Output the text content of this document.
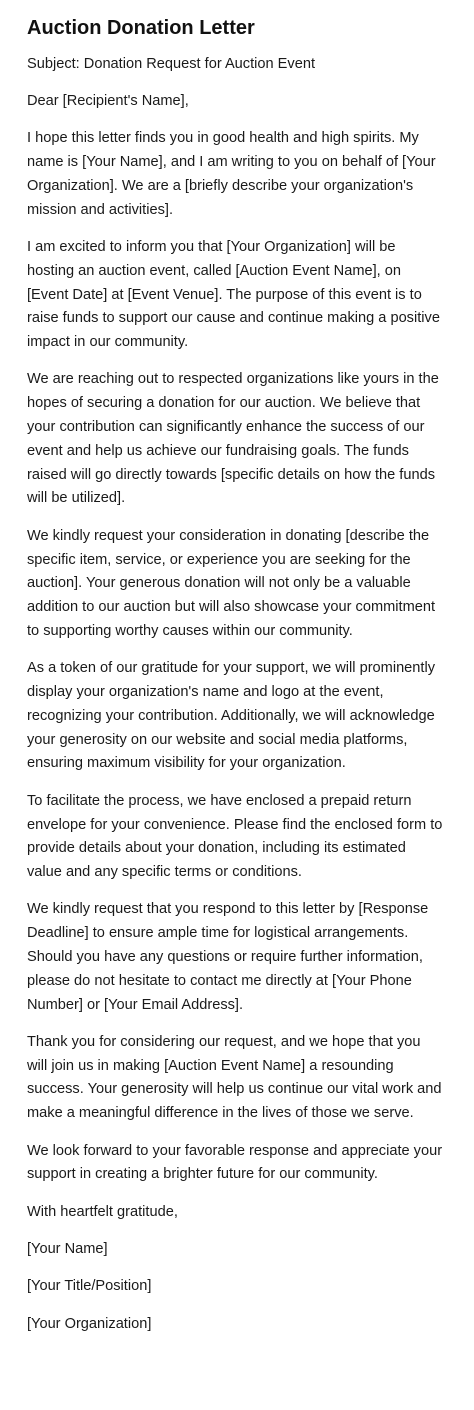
Auction Donation Letter
Subject: Donation Request for Auction Event

Dear [Recipient's Name],

I hope this letter finds you in good health and high spirits. My name is [Your Name], and I am writing to you on behalf of [Your Organization]. We are a [briefly describe your organization's mission and activities].

I am excited to inform you that [Your Organization] will be hosting an auction event, called [Auction Event Name], on [Event Date] at [Event Venue]. The purpose of this event is to raise funds to support our cause and continue making a positive impact in our community.

We are reaching out to respected organizations like yours in the hopes of securing a donation for our auction. We believe that your contribution can significantly enhance the success of our event and help us achieve our fundraising goals. The funds raised will go directly towards [specific details on how the funds will be utilized].

We kindly request your consideration in donating [describe the specific item, service, or experience you are seeking for the auction]. Your generous donation will not only be a valuable addition to our auction but will also showcase your commitment to supporting worthy causes within our community.

As a token of our gratitude for your support, we will prominently display your organization's name and logo at the event, recognizing your contribution. Additionally, we will acknowledge your generosity on our website and social media platforms, ensuring maximum visibility for your organization.

To facilitate the process, we have enclosed a prepaid return envelope for your convenience. Please find the enclosed form to provide details about your donation, including its estimated value and any specific terms or conditions.

We kindly request that you respond to this letter by [Response Deadline] to ensure ample time for logistical arrangements. Should you have any questions or require further information, please do not hesitate to contact me directly at [Your Phone Number] or [Your Email Address].

Thank you for considering our request, and we hope that you will join us in making [Auction Event Name] a resounding success. Your generosity will help us continue our vital work and make a meaningful difference in the lives of those we serve.

We look forward to your favorable response and appreciate your support in creating a brighter future for our community.

With heartfelt gratitude,

[Your Name]

[Your Title/Position]

[Your Organization]
